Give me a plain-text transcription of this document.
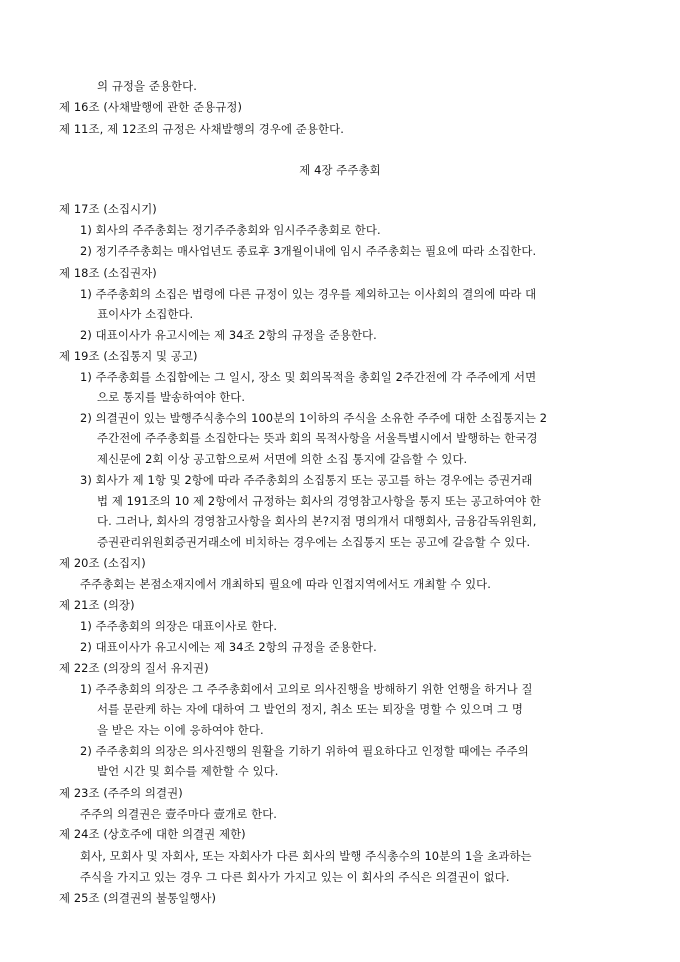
의 규정을 준용한다.
제 16조 (사채발행에 관한 준용규정)
제 11조, 제 12조의 규정은 사채발행의 경우에 준용한다.
제 4장 주주총회
제 17조 (소집시기)
1) 회사의 주주총회는 정기주주총회와 임시주주총회로 한다.
2) 정기주주총회는 매사업년도 종료후 3개월이내에 임시 주주총회는 필요에 따라 소집한다.
제 18조 (소집권자)
1) 주주총회의 소집은 법령에 다른 규정이 있는 경우를 제외하고는 이사회의 결의에 따라 대
표이사가 소집한다.
2) 대표이사가 유고시에는 제 34조 2항의 규정을 준용한다.
제 19조 (소집통지 및 공고)
1) 주주총회를 소집함에는 그 일시, 장소 및 회의목적을 총회일 2주간전에 각 주주에게 서면
으로 통지를 발송하여야 한다.
2) 의결권이 있는 발행주식총수의 100분의 1이하의 주식을 소유한 주주에 대한 소집통지는 2
주간전에 주주총회를 소집한다는 뜻과 회의 목적사항을 서울특별시에서 발행하는 한국경
제신문에 2회 이상 공고함으로써 서면에 의한 소집 통지에 갈음할 수 있다.
3) 회사가 제 1항 및 2항에 따라 주주총회의 소집통지 또는 공고를 하는 경우에는 증권거래
법 제 191조의 10 제 2항에서 규정하는 회사의 경영참고사항을 통지 또는 공고하여야 한
다. 그러나, 회사의 경영참고사항을 회사의 본?지점 명의개서 대행회사, 금융감독위원회,
증권관리위원회증권거래소에 비치하는 경우에는 소집통지 또는 공고에 갈음할 수 있다.
제 20조 (소집지)
주주총회는 본점소재지에서 개최하되 필요에 따라 인접지역에서도 개최할 수 있다.
제 21조 (의장)
1) 주주총회의 의장은 대표이사로 한다.
2) 대표이사가 유고시에는 제 34조 2항의 규정을 준용한다.
제 22조 (의장의 질서 유지권)
1) 주주총회의 의장은 그 주주총회에서 고의로 의사진행을 방해하기 위한 언행을 하거나 질
서를 문란케 하는 자에 대하여 그 발언의 정지, 취소 또는 퇴장을 명할 수 있으며 그 명
을 받은 자는 이에 응하여야 한다.
2) 주주총회의 의장은 의사진행의 원활을 기하기 위하여 필요하다고 인정할 때에는 주주의
발언 시간 및 회수를 제한할 수 있다.
제 23조 (주주의 의결권)
주주의 의결권은 壹주마다 壹개로 한다.
제 24조 (상호주에 대한 의결권 제한)
회사, 모회사 및 자회사, 또는 자회사가 다른 회사의 발행 주식총수의 10분의 1을 초과하는
주식을 가지고 있는 경우 그 다른 회사가 가지고 있는 이 회사의 주식은 의결권이 없다.
제 25조 (의결권의 불통일행사)
